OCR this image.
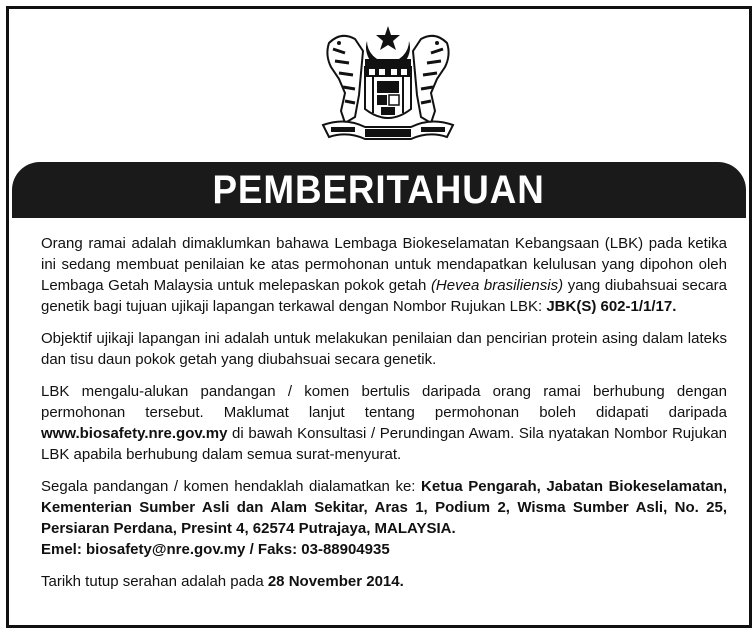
PEMBERITAHUAN

Orang ramai adalah dimaklumkan bahawa Lembaga Biokeselamatan Kebangsaan (LBK) pada ketika ini sedang membuat penilaian ke atas permohonan untuk mendapatkan kelulusan yang dipohon oleh Lembaga Getah Malaysia untuk melepaskan pokok getah (Hevea brasiliensis) yang diubahsuai secara genetik bagi tujuan ujikaji lapangan terkawal dengan Nombor Rujukan LBK: JBK(S) 602-1/1/17.

Objektif ujikaji lapangan ini adalah untuk melakukan penilaian dan pencirian protein asing dalam lateks dan tisu daun pokok getah yang diubahsuai secara genetik.

LBK mengalu-alukan pandangan / komen bertulis daripada orang ramai berhubung dengan permohonan tersebut. Maklumat lanjut tentang permohonan boleh didapati daripada www.biosafety.nre.gov.my di bawah Konsultasi / Perundingan Awam. Sila nyatakan Nombor Rujukan LBK apabila berhubung dalam semua surat-menyurat.

Segala pandangan / komen hendaklah dialamatkan ke: Ketua Pengarah, Jabatan Biokeselamatan, Kementerian Sumber Asli dan Alam Sekitar, Aras 1, Podium 2, Wisma Sumber Asli, No. 25, Persiaran Perdana, Presint 4, 62574 Putrajaya, MALAYSIA.
Emel: biosafety@nre.gov.my / Faks: 03-88904935

Tarikh tutup serahan adalah pada 28 November 2014.
